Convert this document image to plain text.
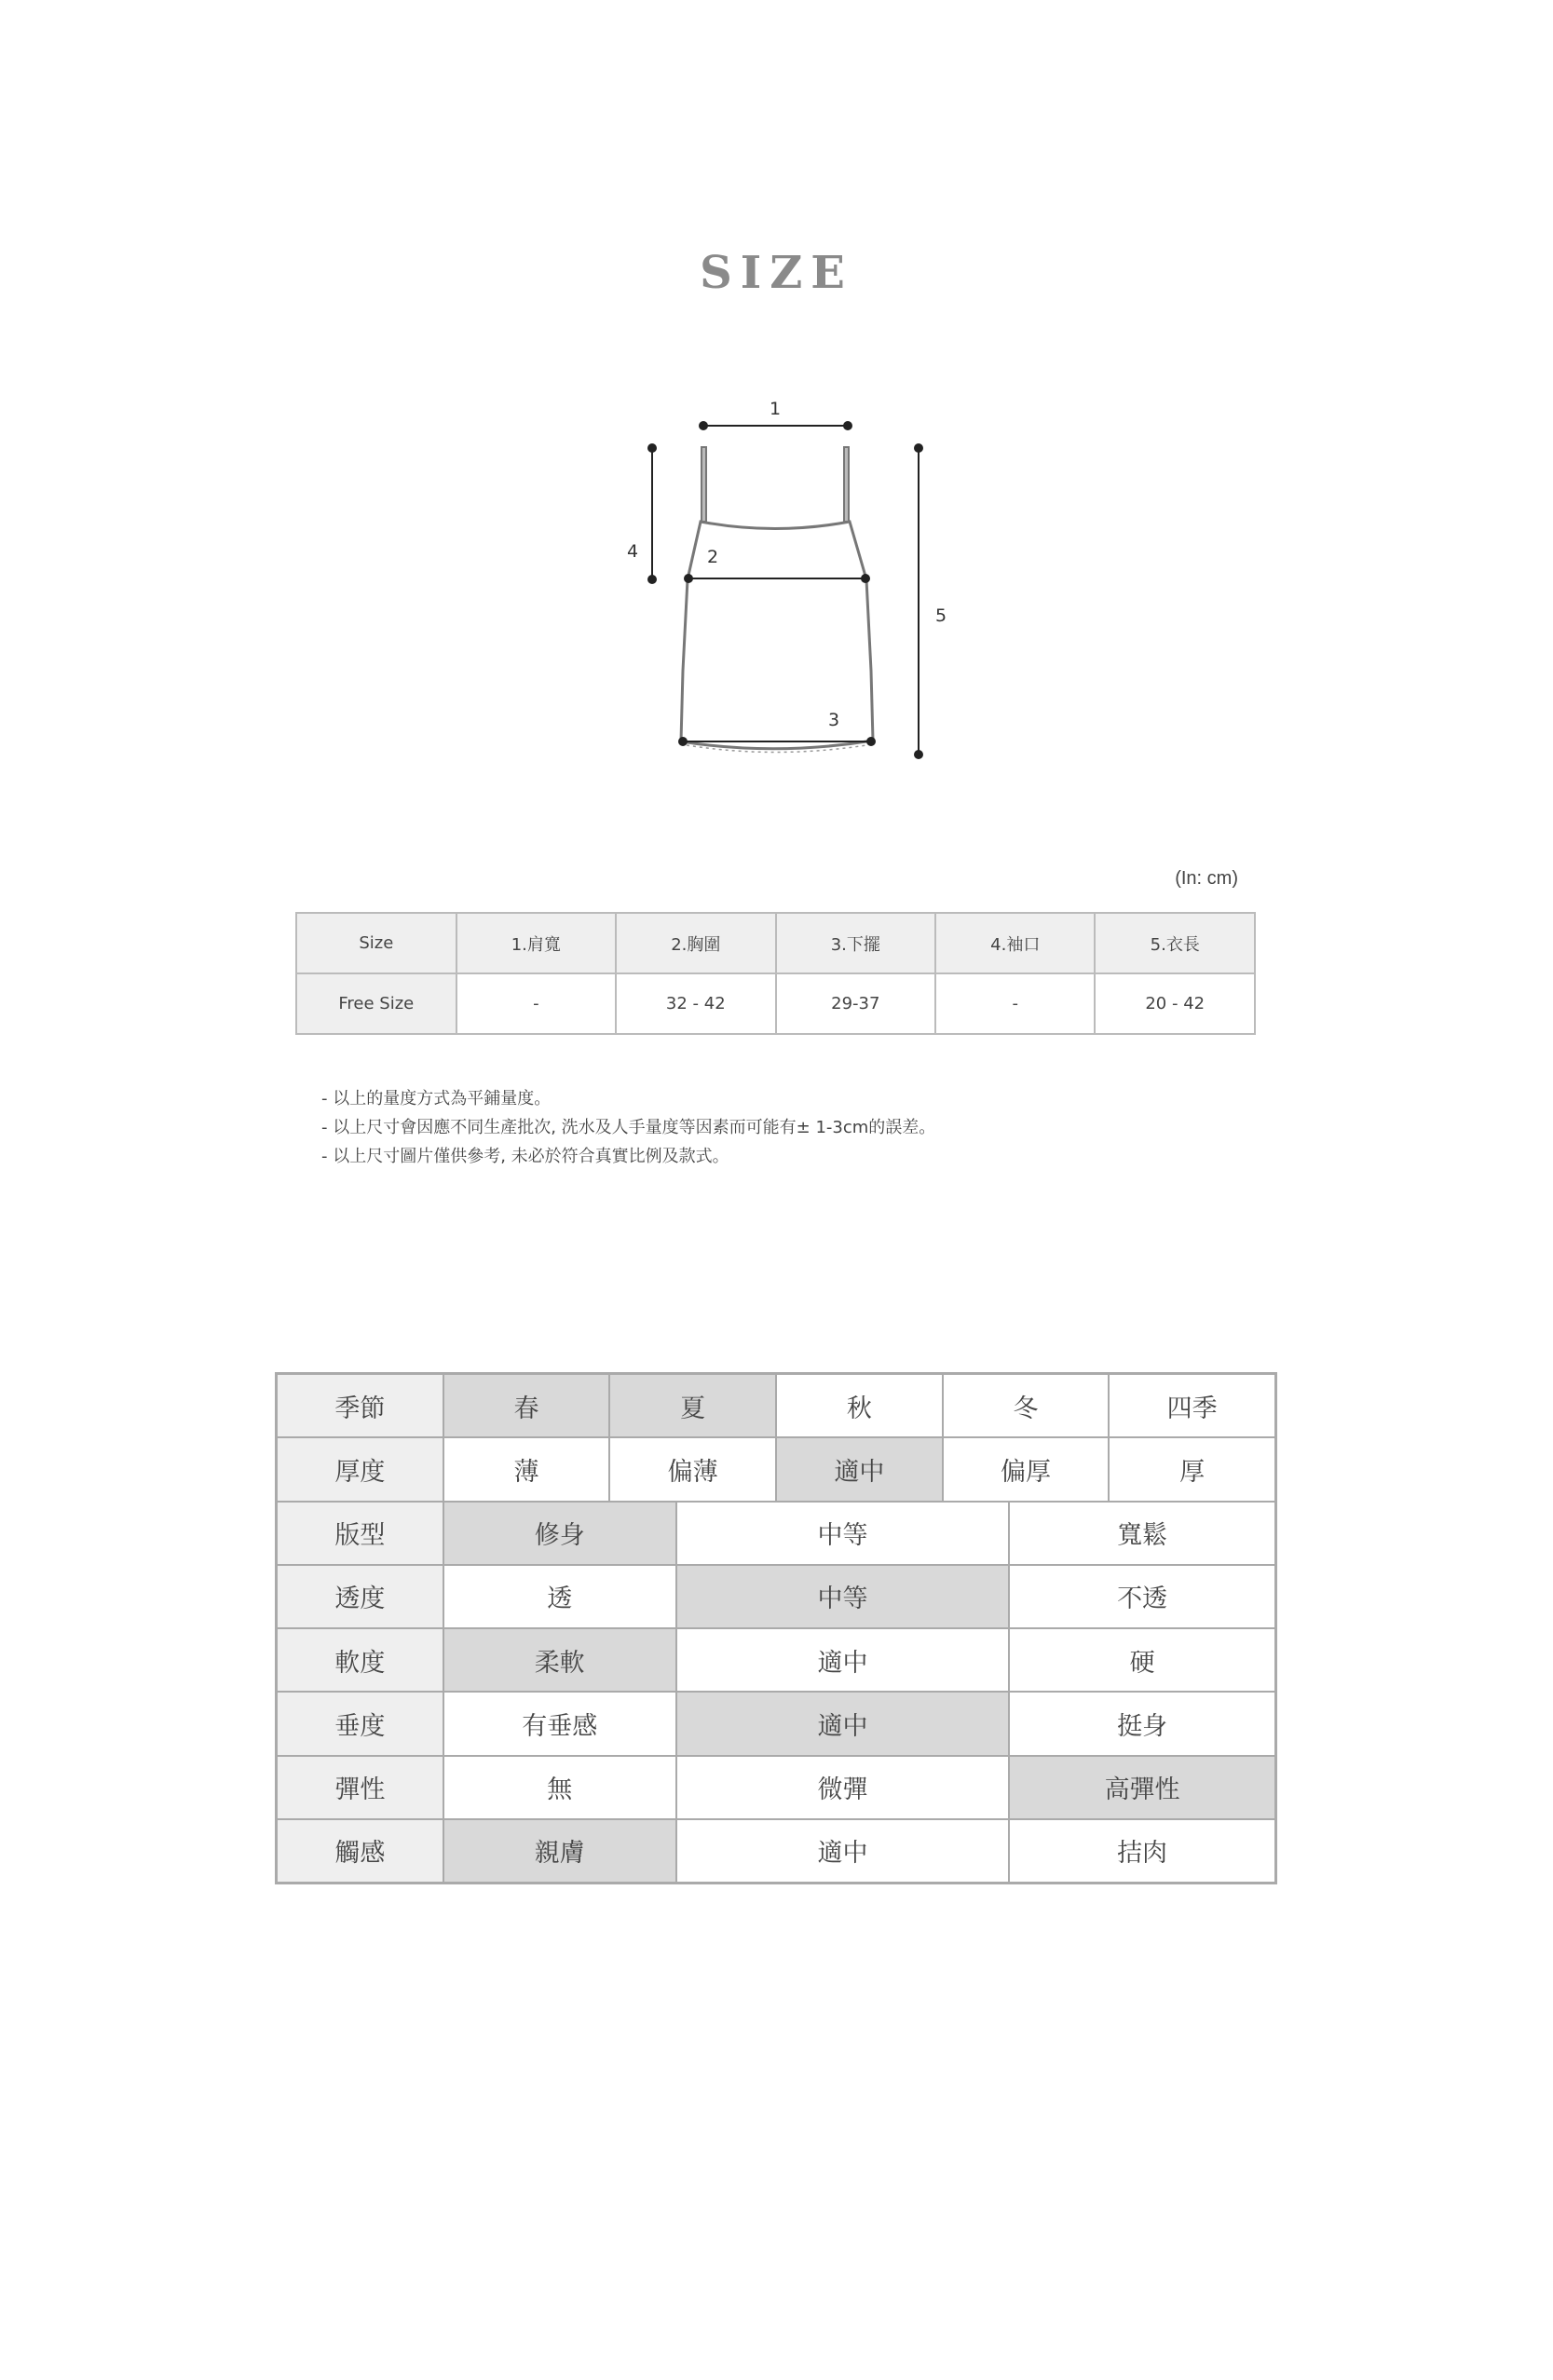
SIZE
1
2
3
4
5
(In: cm)
Size	1.肩寬	2.胸圍	3.下擺	4.袖口	5.衣長
Free Size	-	32 - 42	29-37	-	20 - 42
- 以上的量度方式為平鋪量度。
- 以上尺寸會因應不同生產批次, 洗水及人手量度等因素而可能有± 1-3cm的誤差。
- 以上尺寸圖片僅供參考, 未必於符合真實比例及款式。
季節	春	夏	秋	冬	四季
厚度	薄	偏薄	適中	偏厚	厚
版型	修身	中等	寬鬆
透度	透	中等	不透
軟度	柔軟	適中	硬
垂度	有垂感	適中	挺身
彈性	無	微彈	高彈性
觸感	親膚	適中	拮肉
